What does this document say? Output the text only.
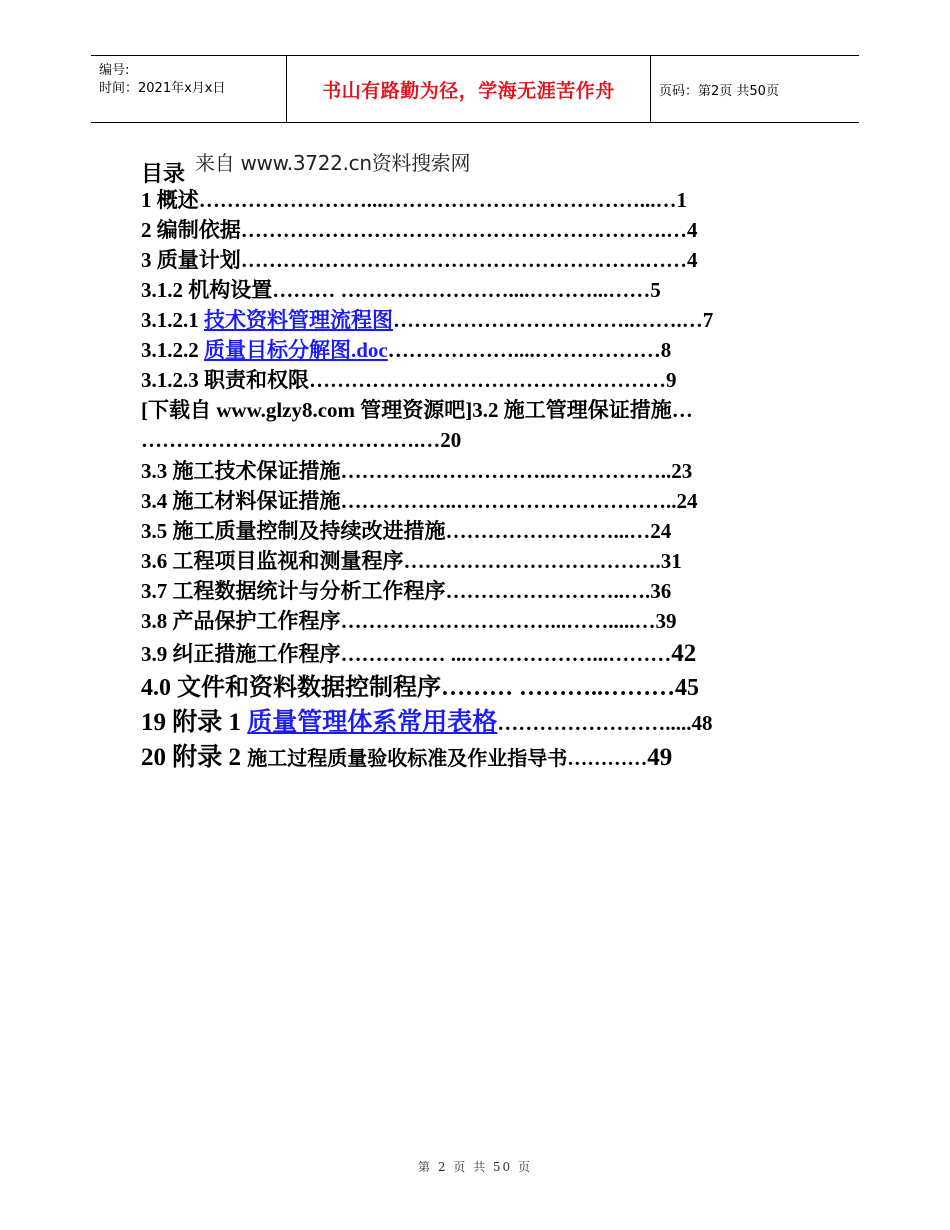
编号:
时间：2021年x月x日	书山有路勤为径，学海无涯苦作舟	页码：第2页 共50页
目录 来自 www.3722.cn资料搜索网
1 概述……………………....………………………………...…1
2 编制依据…………………………………………………….…4
3 质量计划………………………………………………….……4
3.1.2 机构设置……… ……………………....………...……5
3.1.2.1 技术资料管理流程图……………………………..…….…7
3.1.2.2 质量目标分解图.doc………………....………………8
3.1.2.3 职责和权限……………………………………………9
[下载自 www.glzy8.com 管理资源吧]3.2 施工管理保证措施…
………………………………….…20
3.3 施工技术保证措施…………..……………...……………..23
3.4 施工材料保证措施……………..…………………………..24
3.5 施工质量控制及持续改进措施……………………...…24
3.6 工程项目监视和测量程序……………………………….31
3.7 工程数据统计与分析工作程序……………………..….36
3.8 产品保护工作程序…………………………...…….....…39
3.9 纠正措施工作程序…………… ...………………...………42
4.0 文件和资料数据控制程序……… ………..………45
19 附录 1 质量管理体系常用表格…………………….....48
20 附录 2 施工过程质量验收标准及作业指导书…………49
第 2 页 共 50 页
